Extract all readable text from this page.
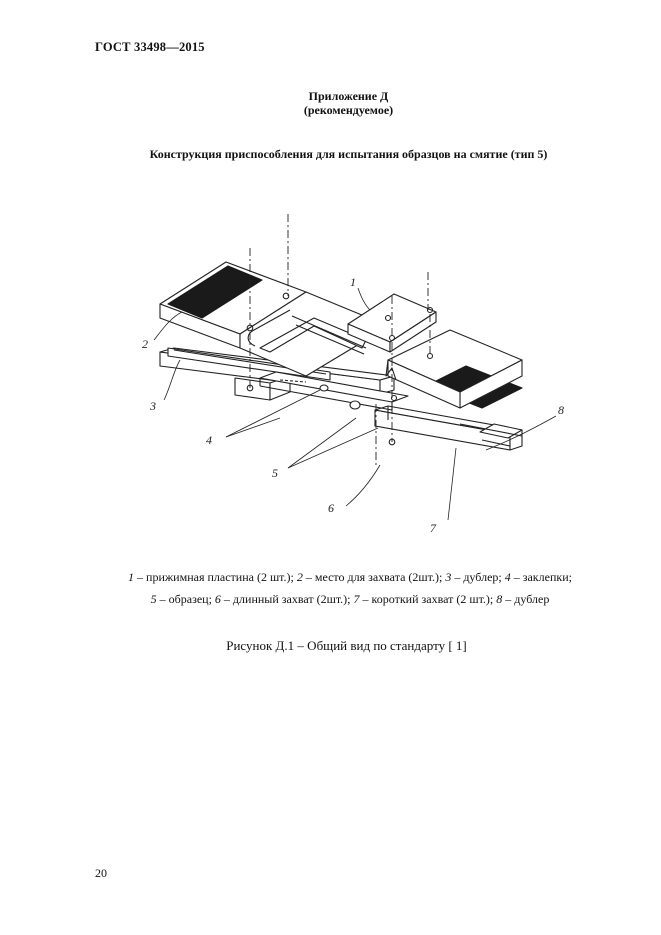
ГОСТ 33498—2015
Приложение Д
(рекомендуемое)
Конструкция приспособления для испытания образцов на смятие (тип 5)
1
2
3
4
5
6
7
8
1 – прижимная пластина (2 шт.); 2 – место для захвата (2шт.); 3 – дублер; 4 – заклепки;
5 – образец; 6 – длинный захват (2шт.); 7 – короткий захват (2 шт.); 8 – дублер
Рисунок Д.1 – Общий вид по стандарту [ 1]
20
